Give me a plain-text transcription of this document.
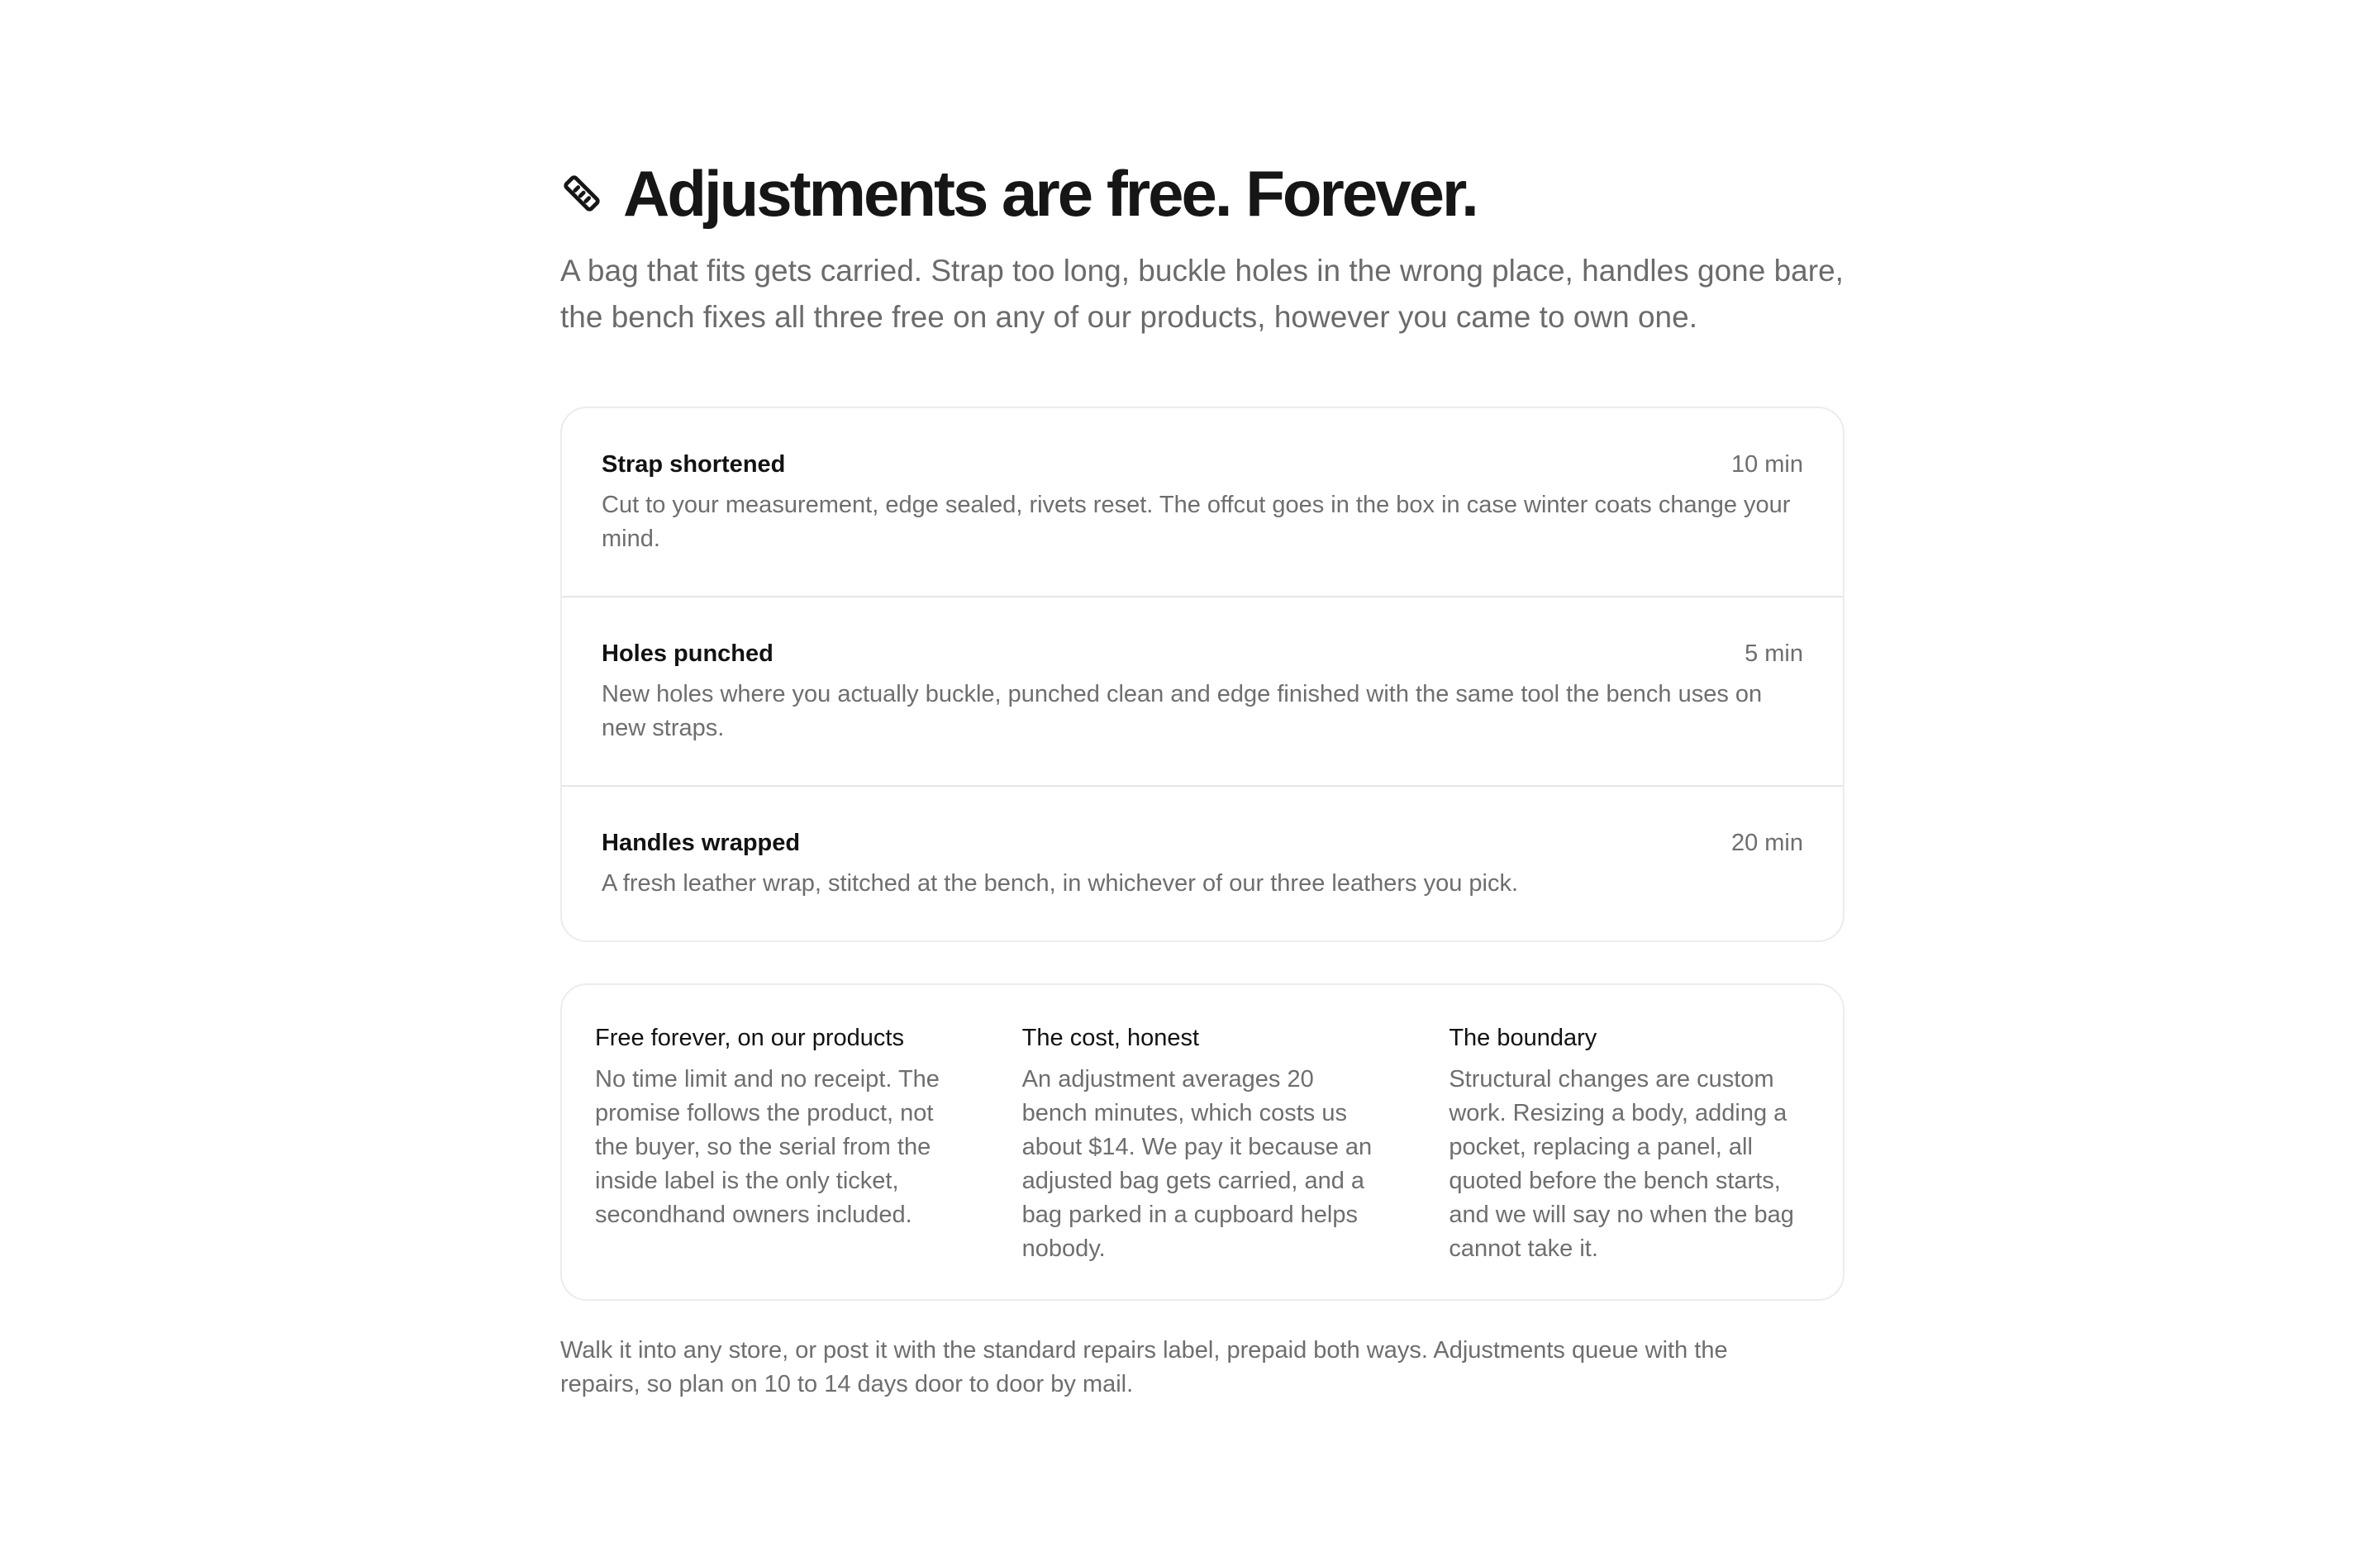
Adjustments are free. Forever.

A bag that fits gets carried. Strap too long, buckle holes in the wrong place, handles gone bare, the bench fixes all three free on any of our products, however you came to own one.

Strap shortened	10 min
Cut to your measurement, edge sealed, rivets reset. The offcut goes in the box in case winter coats change your mind.
Holes punched	5 min
New holes where you actually buckle, punched clean and edge finished with the same tool the bench uses on new straps.
Handles wrapped	20 min
A fresh leather wrap, stitched at the bench, in whichever of our three leathers you pick.
Free forever, on our products
No time limit and no receipt. The promise follows the product, not the buyer, so the serial from the inside label is the only ticket, secondhand owners included.
The cost, honest
An adjustment averages 20 bench minutes, which costs us about $14. We pay it because an adjusted bag gets carried, and a bag parked in a cupboard helps nobody.
The boundary
Structural changes are custom work. Resizing a body, adding a pocket, replacing a panel, all quoted before the bench starts, and we will say no when the bag cannot take it.

Walk it into any store, or post it with the standard repairs label, prepaid both ways. Adjustments queue with the repairs, so plan on 10 to 14 days door to door by mail.
